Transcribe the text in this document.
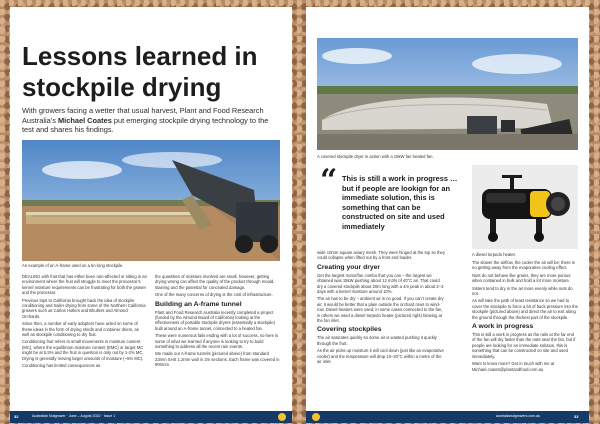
Lessons learned in stockpile drying

With growers facing a wetter that usual harvest, Plant and Food Research Australia’s Michael Coates put emerging stockpile drying technology to the test and shares his findings.

An example of an A-frame used on a tin-long stockpile.

DEALING with fruit that has either been rain-affected or sitting in an environment where the fruit will struggle to meet the processor’s kernel moisture requirements can be frustrating for both the grower and the processor.

Previous trips to California brought back the idea of stockpile conditioning and trailer drying from some of the Northern California growers such as Carlos Hollers and Bhullers and Almond Orchards.

Since then, a number of early adopters have acted on some of these ideas in the form of drying sheds and container driers, as well as stockpile conditioning to dry fruit.

Conditioning fruit refers to small movements in moisture content (MC), where the equilibrium moisture content (EMC) or target MC might be at 5.5% and the fruit in question is only out by 1-2% MC. Drying is generally moving larger amounts of moisture (~5% MC).

Conditioning has limited consequences as

the quantities of moisture involved are small, however, getting drying wrong can affect the quality of the product through mould, staining and the potential for concealed damage.

One of the many concerns of drying is the cost of infrastructure.

Building an A-frame tunnel

Plant and Food Research Australia recently completed a project (funded by the Almond Board of California) looking at the effectiveness of portable stockpile dryers (essentially a stockpile) built around an A-frame tunnel, connected to a heated fan.

These were numerous fails ending with a lot of success, so here is some of what we learned if anyone is looking to try to build something to address all the recent rain events.

We made our A-frame tunnels (pictured above) from standard 23mm SHS 1.2mm wall in 2m sections. Each frame was covered in 900mm

A covered stockpile dryer in action with a 15kW fan heated fan.

“ This is still a work in progress … but if people are lookign for an immediate solution, this is something that can be constructed on site and used immediately

A diesel torpedo heater.

wide 10mm square aviary mesh. They were hinged at the top so they could collapse when lifted out by a front end loader.

Creating your dryer

Get the largest motor/fan combo that you can – the largest we obtained was 15kW pushing about 12 m3/s of 40°C air. That could dry a covered stockpile about 20m long with a 4m peak in about 2–3 days with a kernel moisture around 10%.

The air has to be dry – ambient air is no good. If you can’t create dry air, it would be better that a plain outside the orchard rows to wind-row. Diesel heaters were used; in some cases connected to the fan, in others we used a diesel torpedo heater (pictured right) blowing at the fan inlet.

Covering stockpiles

The air saturates quickly so some air is wasted pushing it quickly through the fruit.

As the air picks up moisture it will cool down (just like an evaporative cooler) and the temperature will drop 10–20°C within a metre of the air inlet.

The slower the airflow, the cooler the air will be; there is no getting away from the evaporative cooling effect.

Nuts do not behave like grains, they are more porous when contained in bulk and hold a lot more moisture.

Sisters tend to dry in the air more evenly while nuts do not.

As will take the path of least resistance so we had to cover the stockpile to force a bit of back pressure into the stockpile (pictured above) and direct the air to exit along the ground through the thickest part of the stockpile.

A work in progress

This is still a work in progress as the rails at the far end of the fan will dry faster than the nuts near the fan, but if people are looking for an immediate solution, this is something that can be constructed on site and used immediately.

Want to know more? Get in touch with me at Michael.coates@plantandfood.com.au

32	Australian Nutgrower · June – August 2022 · Issue 1	australianutgrowers.com.au	33
